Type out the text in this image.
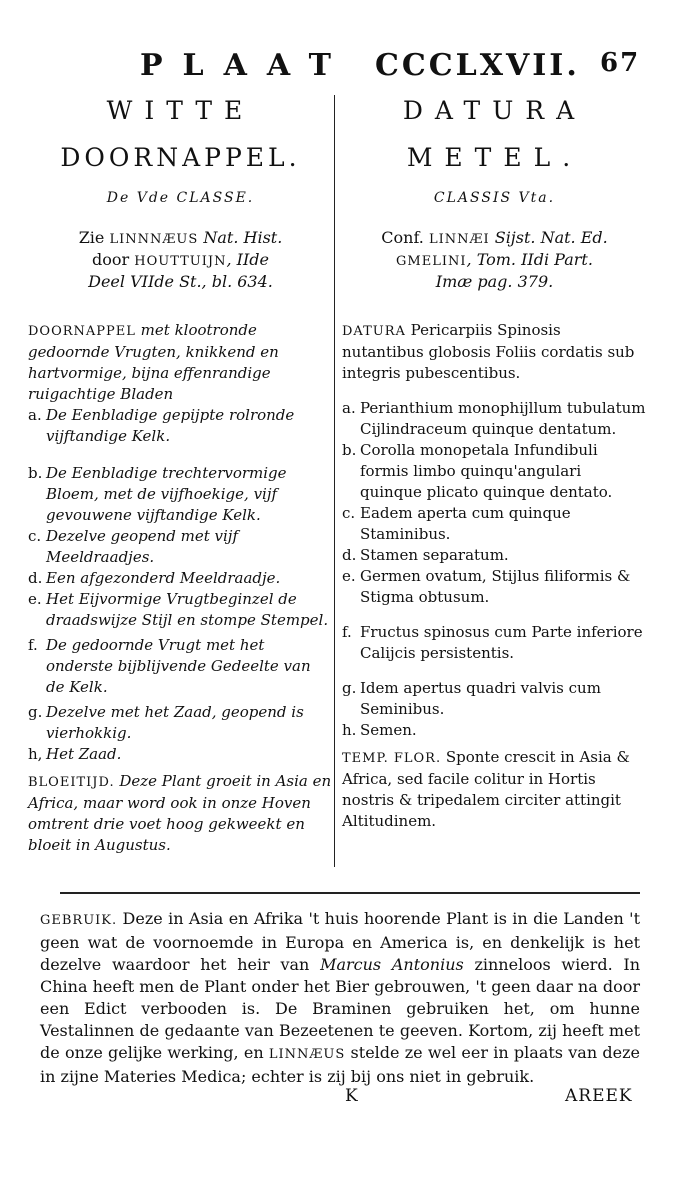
PLAAT CCCLXVII. 67
WITTE
DOORNAPPEL.
De Vde CLASSE.
Zie LINNNÆUS Nat. Hist.
door HOUTTUIJN, IIde
Deel VIIde St., bl. 634.
DOORNAPPEL met klootronde gedoornde Vrugten, knikkend en hartvormige, bijna effenrandige ruigachtige Bladen
a. De Eenbladige gepijpte rolronde vijftandige Kelk.
b. De Eenbladige trechtervormige Bloem, met de vijfhoekige, vijf gevouwene vijftandige Kelk.
c. Dezelve geopend met vijf Meeldraadjes.
d. Een afgezonderd Meeldraadje.
e. Het Eijvormige Vrugtbeginzel de draadswijze Stijl en stompe Stempel.
f. De gedoornde Vrugt met het onderste bijblijvende Gedeelte van de Kelk.
g. Dezelve met het Zaad, geopend is vierhokkig.
h, Het Zaad.
BLOEITIJD. Deze Plant groeit in Asia en Africa, maar word ook in onze Hoven omtrent drie voet hoog gekweekt en bloeit in Augustus.
DATURA
METEL.
CLASSIS Vta.
Conf. LINNÆI Sijst. Nat. Ed.
GMELINI, Tom. IIdi Part.
Imæ pag. 379.
DATURA Pericarpiis Spinosis nutantibus globosis Foliis cordatis sub integris pubescentibus.
a. Perianthium monophijllum tubulatum Cijlindraceum quinque dentatum.
b. Corolla monopetala Infundibuli formis limbo quinqu'angulari quinque plicato quinque dentato.
c. Eadem aperta cum quinque Staminibus.
d. Stamen separatum.
e. Germen ovatum, Stijlus filiformis & Stigma obtusum.
f. Fructus spinosus cum Parte inferiore Calijcis persistentis.
g. Idem apertus quadri valvis cum Seminibus.
h. Semen.
TEMP. FLOR. Sponte crescit in Asia & Africa, sed facile colitur in Hortis nostris & tripedalem circiter attingit Altitudinem.
GEBRUIK. Deze in Asia en Afrika 't huis hoorende Plant is in die Landen 't geen wat de voornoemde in Europa en America is, en denkelijk is het dezelve waardoor het heir van Marcus Antonius zinneloos wierd. In China heeft men de Plant onder het Bier gebrouwen, 't geen daar na door een Edict verbooden is. De Braminen gebruiken het, om hunne Vestalinnen de gedaante van Bezeetenen te geeven. Kortom, zij heeft met de onze gelijke werking, en LINNÆUS stelde ze wel eer in plaats van deze in zijne Materies Medica; echter is zij bij ons niet in gebruik.
K	AREEK
